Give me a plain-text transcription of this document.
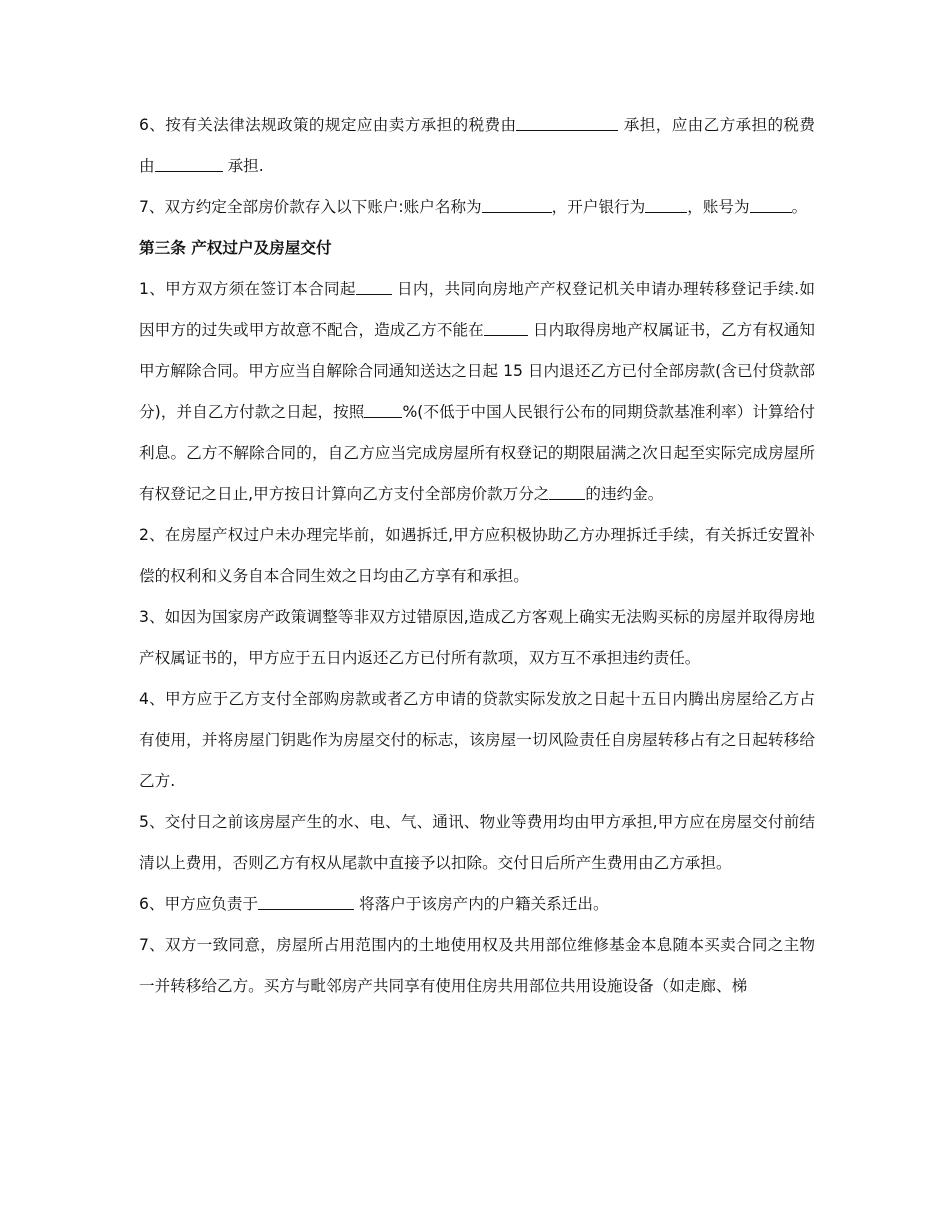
6、按有关法律法规政策的规定应由卖方承担的税费由	承担，应由乙方承担的税费由	承担.

7、双方约定全部房价款存入以下账户:账户名称为	，开户银行为	，账号为	。

第三条 产权过户及房屋交付

1、甲方双方须在签订本合同起 日内，共同向房地产产权登记机关申请办理转移登记手续.如因甲方的过失或甲方故意不配合，造成乙方不能在	日内取得房地产权属证书，乙方有权通知甲方解除合同。甲方应当自解除合同通知送达之日起 15 日内退还乙方已付全部房款(含已付贷款部分)，并自乙方付款之日起，按照 %(不低于中国人民银行公布的同期贷款基准利率）计算给付利息。乙方不解除合同的，自乙方应当完成房屋所有权登记的期限届满之次日起至实际完成房屋所有权登记之日止,甲方按日计算向乙方支付全部房价款万分之 的违约金。

2、在房屋产权过户未办理完毕前，如遇拆迁,甲方应积极协助乙方办理拆迁手续，有关拆迁安置补偿的权利和义务自本合同生效之日均由乙方享有和承担。

3、如因为国家房产政策调整等非双方过错原因,造成乙方客观上确实无法购买标的房屋并取得房地产权属证书的，甲方应于五日内返还乙方已付所有款项，双方互不承担违约责任。

4、甲方应于乙方支付全部购房款或者乙方申请的贷款实际发放之日起十五日内腾出房屋给乙方占有使用，并将房屋门钥匙作为房屋交付的标志，该房屋一切风险责任自房屋转移占有之日起转移给乙方.

5、交付日之前该房屋产生的水、电、气、通讯、物业等费用均由甲方承担,甲方应在房屋交付前结清以上费用，否则乙方有权从尾款中直接予以扣除。交付日后所产生费用由乙方承担。

6、甲方应负责于	将落户于该房产内的户籍关系迁出。

7、双方一致同意，房屋所占用范围内的土地使用权及共用部位维修基金本息随本买卖合同之主物一并转移给乙方。买方与毗邻房产共同享有使用住房共用部位共用设施设备（如走廊、梯
